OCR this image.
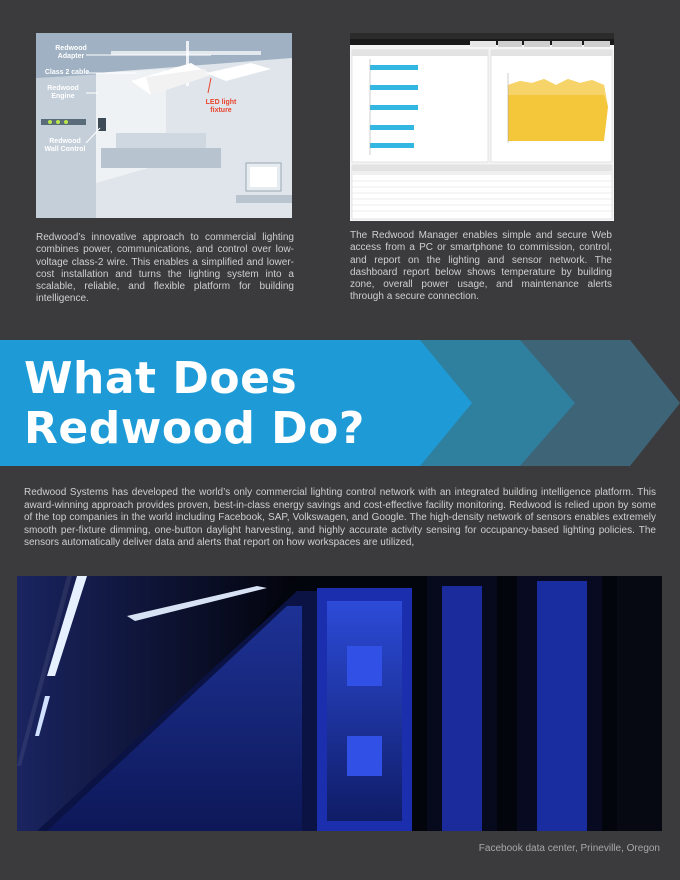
Redwood Adapter
Class 2 cable
Redwood Engine
Redwood Wall Control
LED light fixture
Redwood’s innovative approach to commercial lighting combines power, communications, and control over low-voltage class-2 wire. This enables a simplified and lower-cost installation and turns the lighting system into a scalable, reliable, and flexible platform for building intelligence.
The Redwood Manager enables simple and secure Web access from a PC or smartphone to commission, control, and report on the lighting and sensor network. The dashboard report below shows temperature by building zone, overall power usage, and maintenance alerts through a secure connection.
What Does
Redwood Do?
Redwood Systems has developed the world’s only commercial lighting control network with an integrated building intelligence platform. This award-winning approach provides proven, best-in-class energy savings and cost-effective facility monitoring. Redwood is relied upon by some of the top companies in the world including Facebook, SAP, Volkswagen, and Google. The high-density network of sensors enables extremely smooth per-fixture dimming, one-button daylight harvesting, and highly accurate activity sensing for occupancy-based lighting policies. The sensors automatically deliver data and alerts that report on how workspaces are utilized,
Facebook data center, Prineville, Oregon
